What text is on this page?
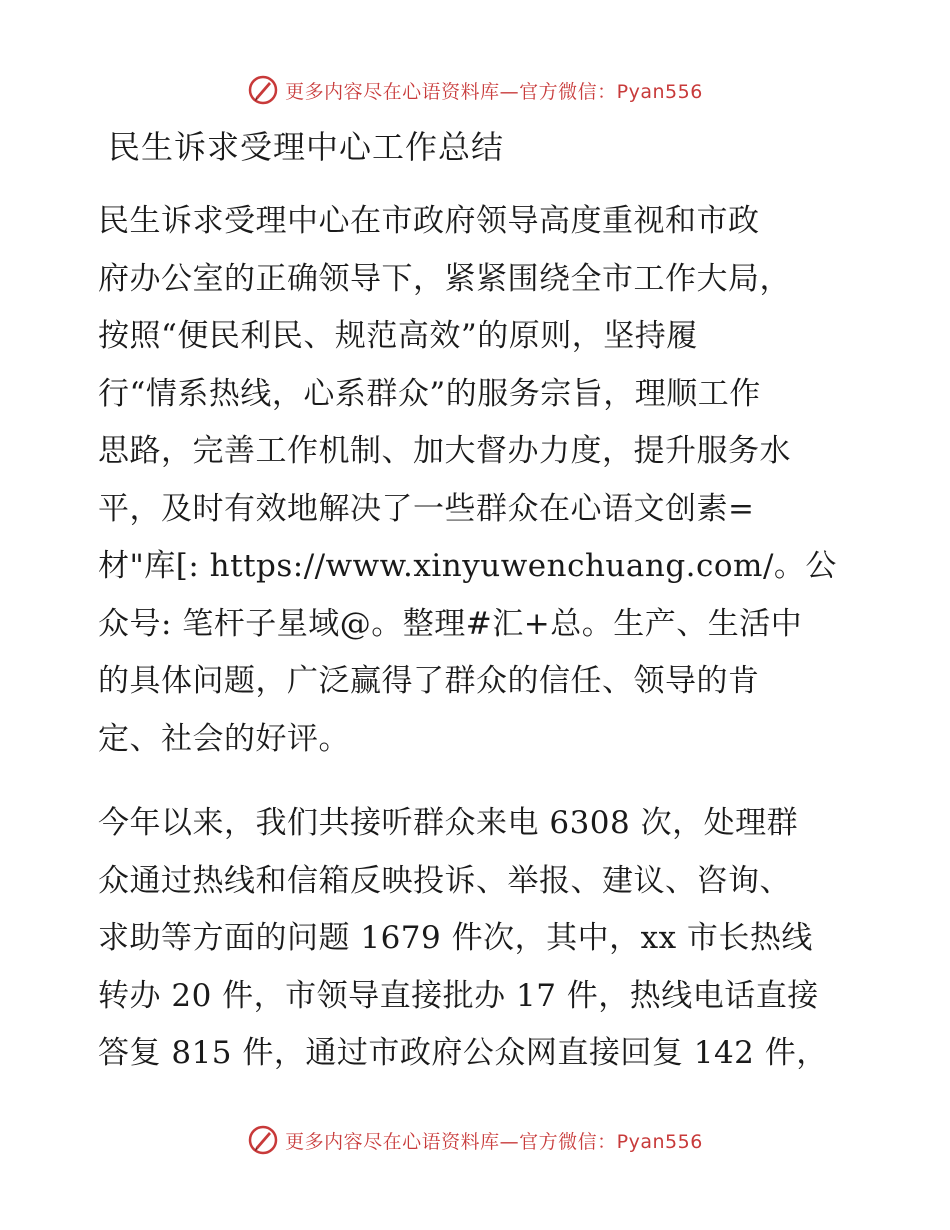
更多内容尽在心语资料库—官方微信：Pyan556
民生诉求受理中心工作总结
民生诉求受理中心在市政府领导高度重视和市政
府办公室的正确领导下，紧紧围绕全市工作大局，
按照“便民利民、规范高效”的原则，坚持履
行“情系热线，心系群众”的服务宗旨，理顺工作
思路，完善工作机制、加大督办力度，提升服务水
平，及时有效地解决了一些群众在心语文创素=
材"库[: https://www.xinyuwenchuang.com/。公
众号: 笔杆子星域@。整理#汇+总。生产、生活中
的具体问题，广泛赢得了群众的信任、领导的肯
定、社会的好评。
今年以来，我们共接听群众来电 6308 次，处理群
众通过热线和信箱反映投诉、举报、建议、咨询、
求助等方面的问题 1679 件次，其中，xx 市长热线
转办 20 件，市领导直接批办 17 件，热线电话直接
答复 815 件，通过市政府公众网直接回复 142 件，
更多内容尽在心语资料库—官方微信：Pyan556
